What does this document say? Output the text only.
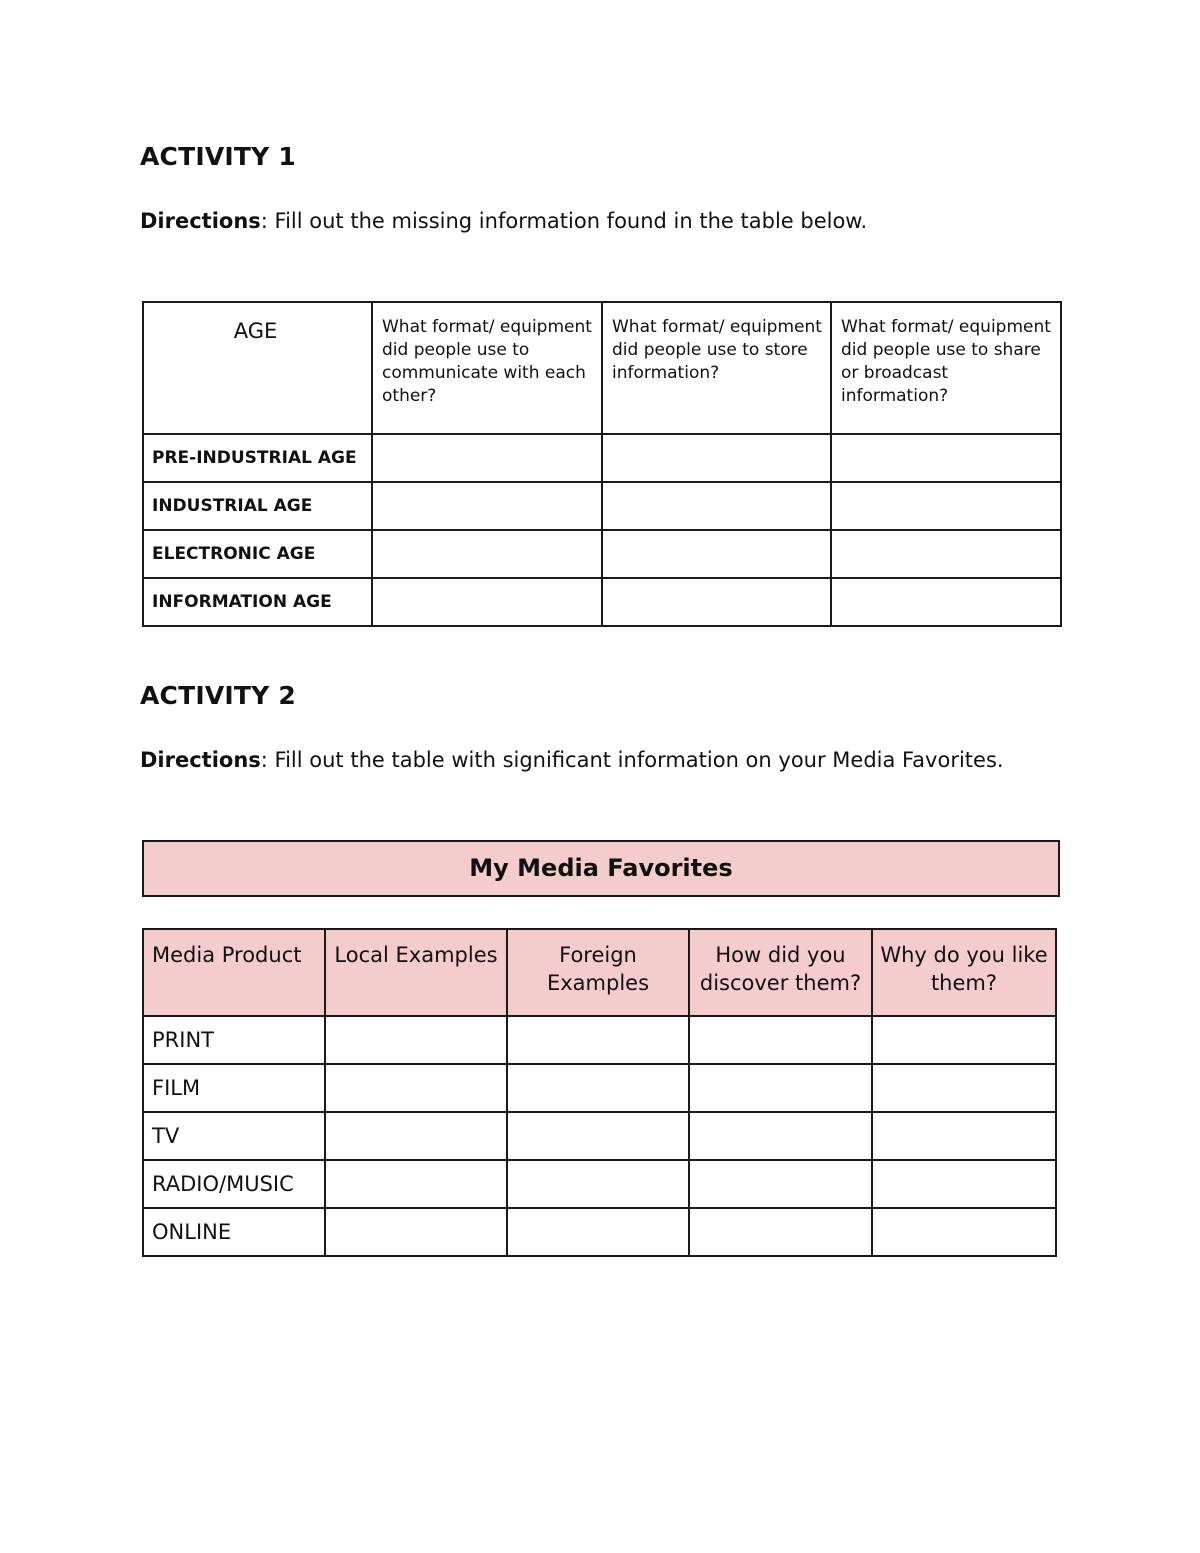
ACTIVITY 1

Directions: Fill out the missing information found in the table below.

AGE	What format/ equipment did people use to communicate with each other?	What format/ equipment did people use to store information?	What format/ equipment did people use to share or broadcast information?
PRE-INDUSTRIAL AGE			
INDUSTRIAL AGE			
ELECTRONIC AGE			
INFORMATION AGE			
ACTIVITY 2

Directions: Fill out the table with significant information on your Media Favorites.

My Media Favorites
Media Product	Local Examples	Foreign Examples	How did you discover them?	Why do you like them?
PRINT				
FILM				
TV				
RADIO/MUSIC				
ONLINE				
